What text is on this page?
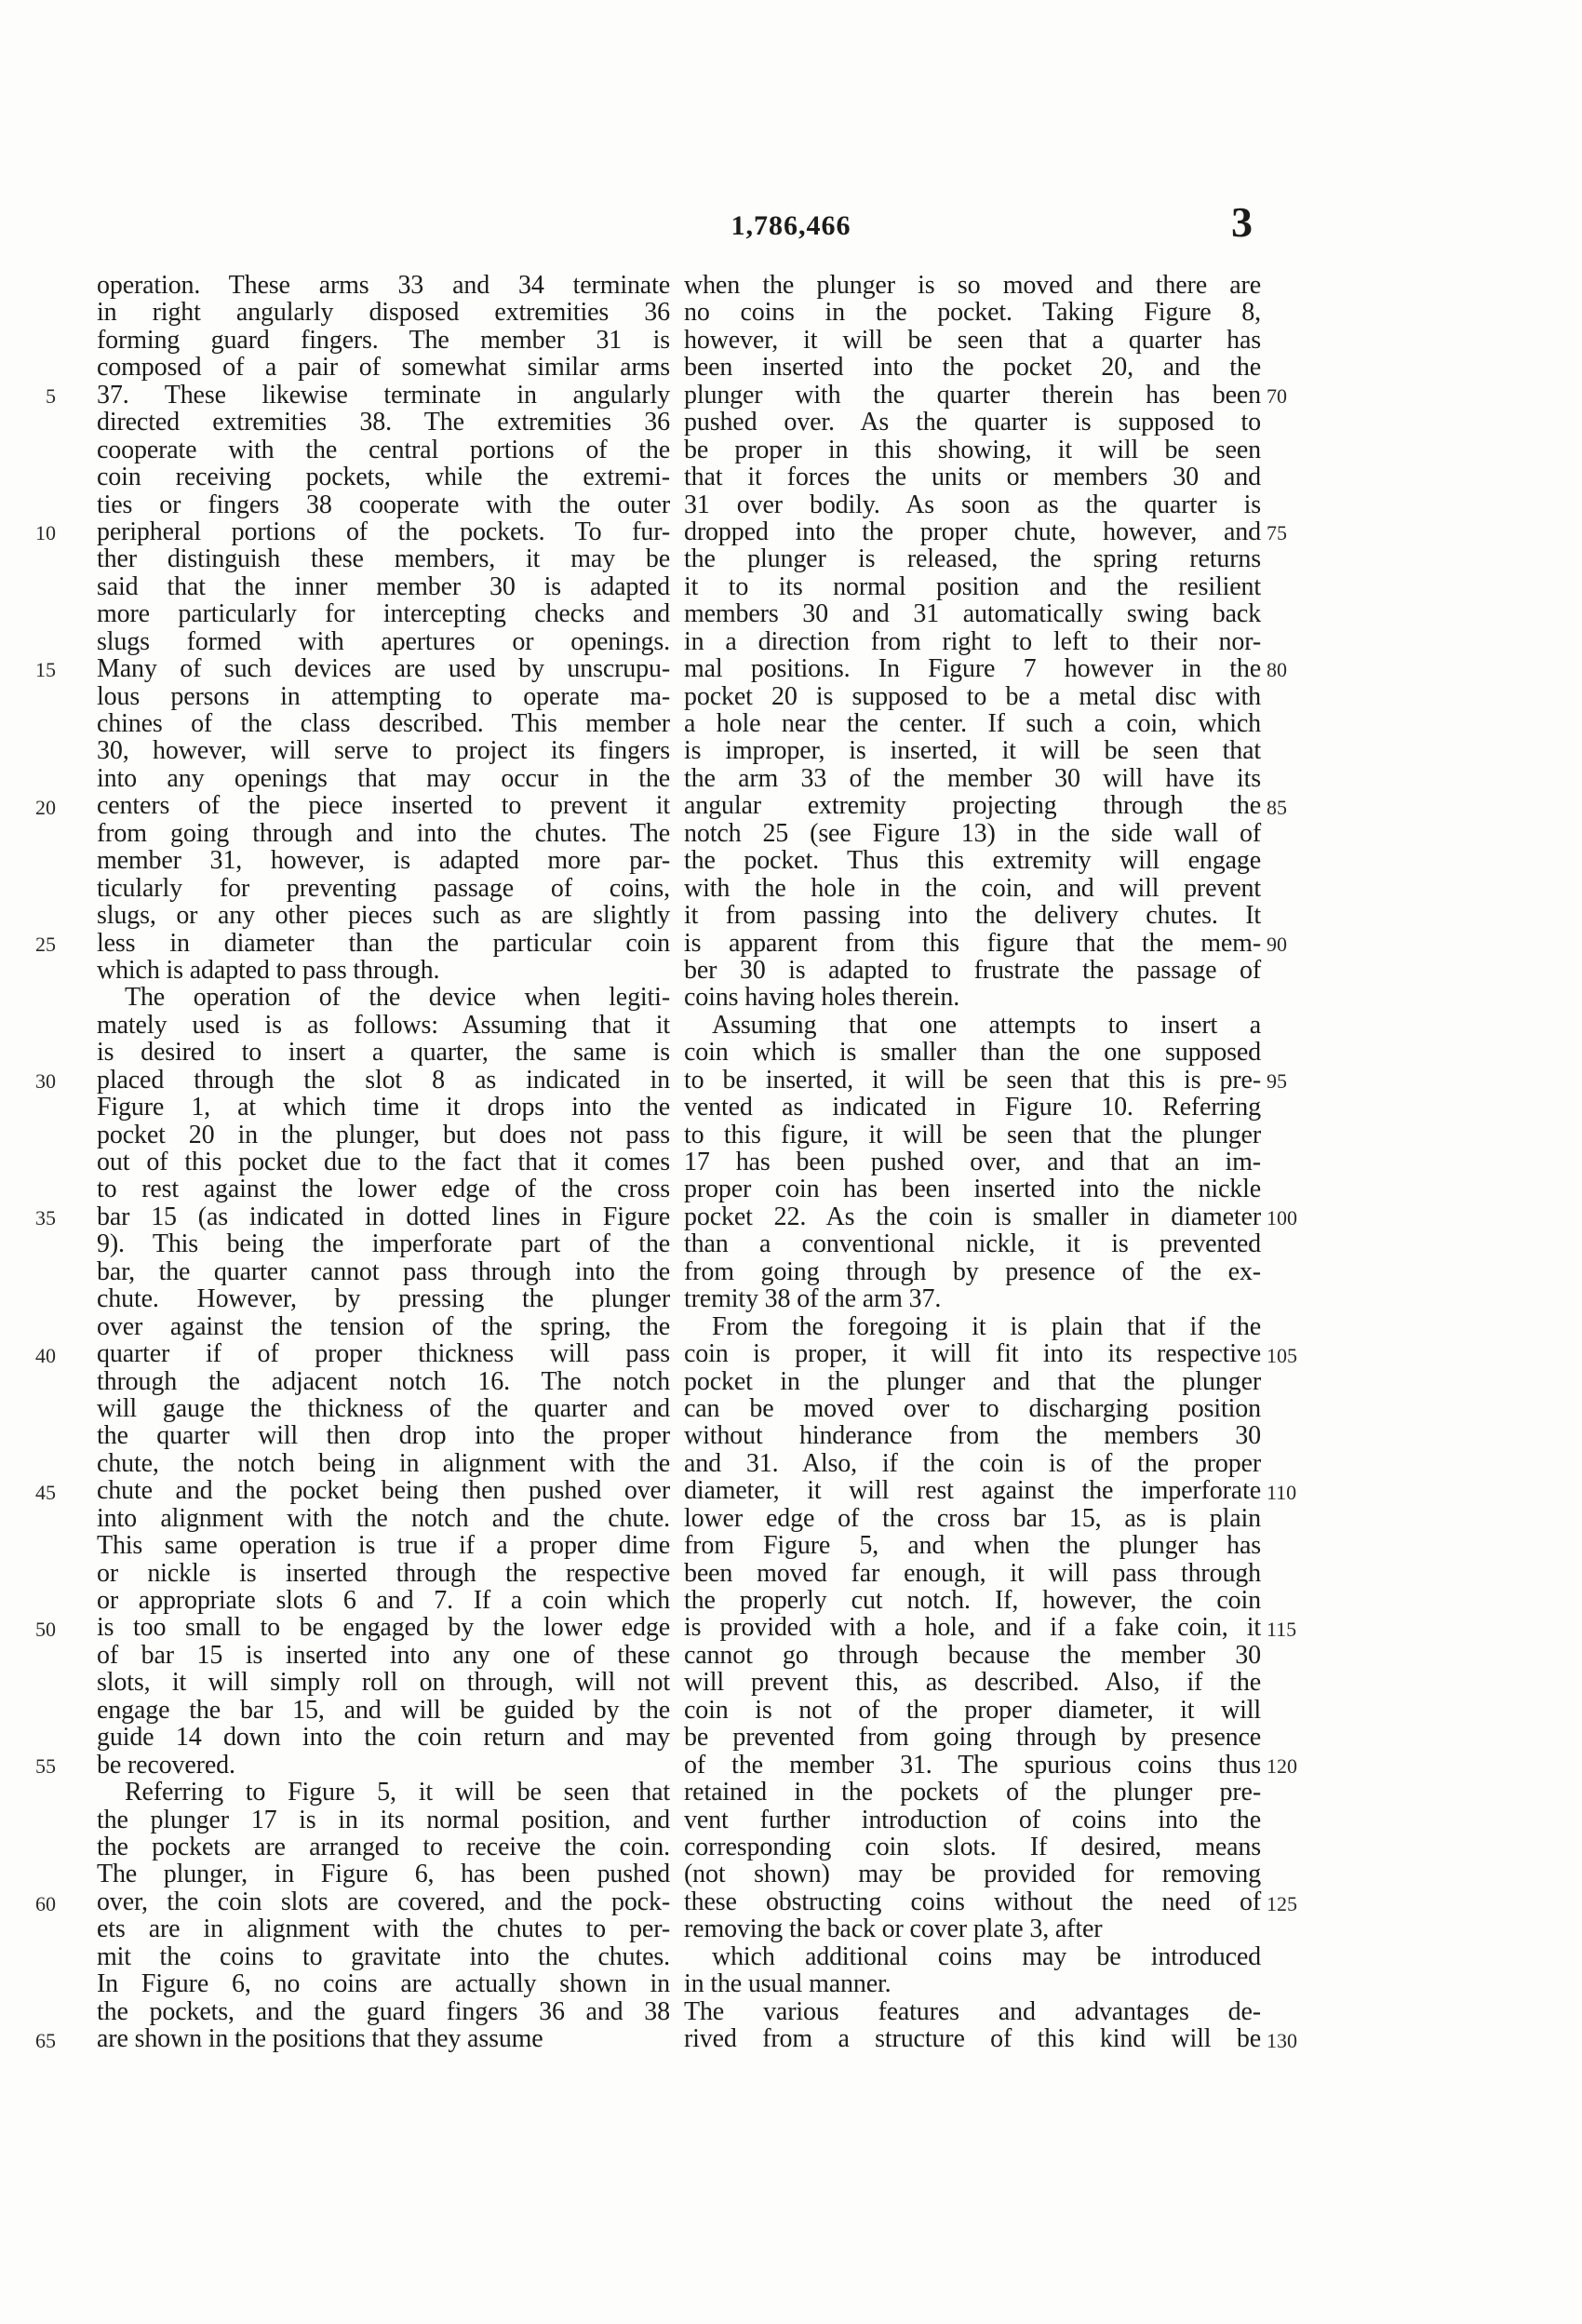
1,786,466	3
operation. These arms 33 and 34 terminate
in right angularly disposed extremities 36
forming guard fingers. The member 31 is
composed of a pair of somewhat similar arms
37. These likewise terminate in angularly
directed extremities 38. The extremities 36
cooperate with the central portions of the
coin receiving pockets, while the extremi-
ties or fingers 38 cooperate with the outer
peripheral portions of the pockets. To fur-
ther distinguish these members, it may be
said that the inner member 30 is adapted
more particularly for intercepting checks and
slugs formed with apertures or openings.
Many of such devices are used by unscrupu-
lous persons in attempting to operate ma-
chines of the class described. This member
30, however, will serve to project its fingers
into any openings that may occur in the
centers of the piece inserted to prevent it
from going through and into the chutes. The
member 31, however, is adapted more par-
ticularly for preventing passage of coins,
slugs, or any other pieces such as are slightly
less in diameter than the particular coin
which is adapted to pass through.
The operation of the device when legiti-
mately used is as follows: Assuming that it
is desired to insert a quarter, the same is
placed through the slot 8 as indicated in
Figure 1, at which time it drops into the
pocket 20 in the plunger, but does not pass
out of this pocket due to the fact that it comes
to rest against the lower edge of the cross
bar 15 (as indicated in dotted lines in Figure
9). This being the imperforate part of the
bar, the quarter cannot pass through into the
chute. However, by pressing the plunger
over against the tension of the spring, the
quarter if of proper thickness will pass
through the adjacent notch 16. The notch
will gauge the thickness of the quarter and
the quarter will then drop into the proper
chute, the notch being in alignment with the
chute and the pocket being then pushed over
into alignment with the notch and the chute.
This same operation is true if a proper dime
or nickle is inserted through the respective
or appropriate slots 6 and 7. If a coin which
is too small to be engaged by the lower edge
of bar 15 is inserted into any one of these
slots, it will simply roll on through, will not
engage the bar 15, and will be guided by the
guide 14 down into the coin return and may
be recovered.
Referring to Figure 5, it will be seen that
the plunger 17 is in its normal position, and
the pockets are arranged to receive the coin.
The plunger, in Figure 6, has been pushed
over, the coin slots are covered, and the pock-
ets are in alignment with the chutes to per-
mit the coins to gravitate into the chutes.
In Figure 6, no coins are actually shown in
the pockets, and the guard fingers 36 and 38
are shown in the positions that they assume
when the plunger is so moved and there are
no coins in the pocket. Taking Figure 8,
however, it will be seen that a quarter has
been inserted into the pocket 20, and the
plunger with the quarter therein has been
pushed over. As the quarter is supposed to
be proper in this showing, it will be seen
that it forces the units or members 30 and
31 over bodily. As soon as the quarter is
dropped into the proper chute, however, and
the plunger is released, the spring returns
it to its normal position and the resilient
members 30 and 31 automatically swing back
in a direction from right to left to their nor-
mal positions. In Figure 7 however in the
pocket 20 is supposed to be a metal disc with
a hole near the center. If such a coin, which
is improper, is inserted, it will be seen that
the arm 33 of the member 30 will have its
angular extremity projecting through the
notch 25 (see Figure 13) in the side wall of
the pocket. Thus this extremity will engage
with the hole in the coin, and will prevent
it from passing into the delivery chutes. It
is apparent from this figure that the mem-
ber 30 is adapted to frustrate the passage of
coins having holes therein.
Assuming that one attempts to insert a
coin which is smaller than the one supposed
to be inserted, it will be seen that this is pre-
vented as indicated in Figure 10. Referring
to this figure, it will be seen that the plunger
17 has been pushed over, and that an im-
proper coin has been inserted into the nickle
pocket 22. As the coin is smaller in diameter
than a conventional nickle, it is prevented
from going through by presence of the ex-
tremity 38 of the arm 37.
From the foregoing it is plain that if the
coin is proper, it will fit into its respective
pocket in the plunger and that the plunger
can be moved over to discharging position
without hinderance from the members 30
and 31. Also, if the coin is of the proper
diameter, it will rest against the imperforate
lower edge of the cross bar 15, as is plain
from Figure 5, and when the plunger has
been moved far enough, it will pass through
the properly cut notch. If, however, the coin
is provided with a hole, and if a fake coin, it
cannot go through because the member 30
will prevent this, as described. Also, if the
coin is not of the proper diameter, it will
be prevented from going through by presence
of the member 31. The spurious coins thus
retained in the pockets of the plunger pre-
vent further introduction of coins into the
corresponding coin slots. If desired, means
(not shown) may be provided for removing
these obstructing coins without the need of
removing the back or cover plate 3, after
which additional coins may be introduced
in the usual manner.
The various features and advantages de-
rived from a structure of this kind will be
5
10
15
20
25
30
35
40
45
50
55
60
65
70
75
80
85
90
95
100
105
110
115
120
125
130
